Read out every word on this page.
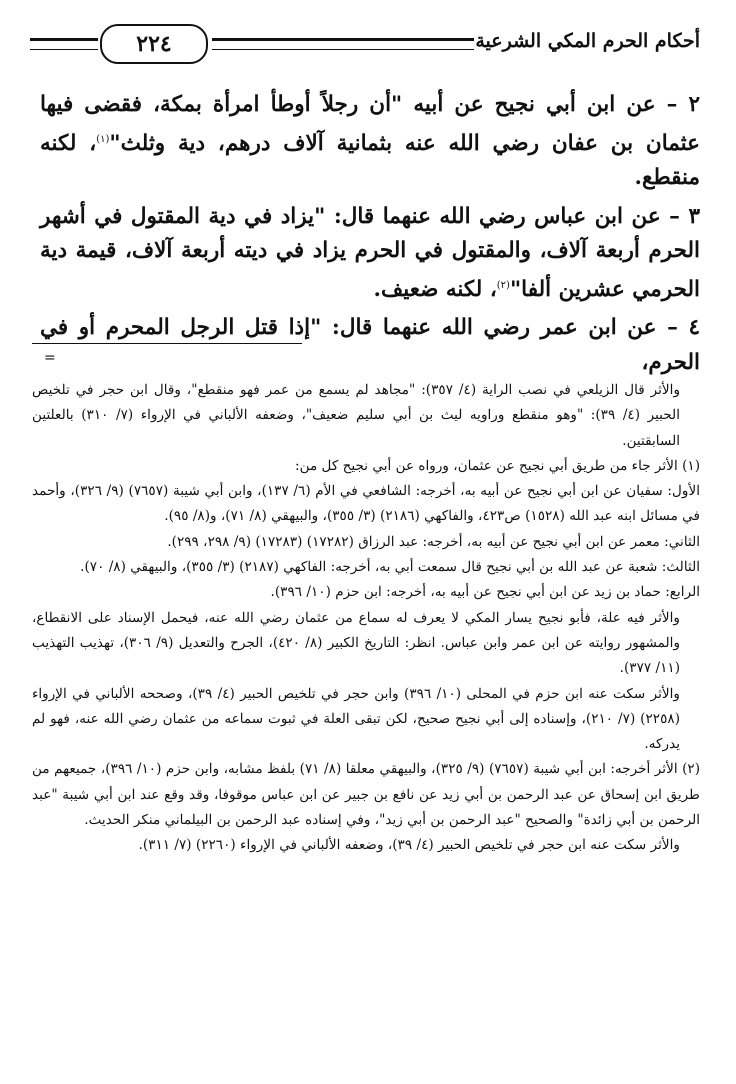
أحكام الحرم المكي الشرعية
٢٢٤

٢ – عن ابن أبي نجيح عن أبيه "أن رجلاً أوطأ امرأة بمكة، فقضى فيها عثمان بن عفان رضي الله عنه بثمانية آلاف درهم، دية وثلث"$^{(١)}$، لكنه منقطع.

٣ – عن ابن عباس رضي الله عنهما قال: "يزاد في دية المقتول في أشهر الحرم أربعة آلاف، والمقتول في الحرم يزاد في ديته أربعة آلاف، قيمة دية الحرمي عشرين ألفا"$^{(٢)}$، لكنه ضعيف.

٤ – عن ابن عمر رضي الله عنهما قال: "إذا قتل الرجل المحرم أو في الحرم،

=

والأثر قال الزيلعي في نصب الراية (٤/ ٣٥٧): "مجاهد لم يسمع من عمر فهو منقطع"، وقال ابن حجر في تلخيص الحبير (٤/ ٣٩): "وهو منقطع وراويه ليث بن أبي سليم ضعيف"، وضعفه الألباني في الإرواء (٧/ ٣١٠) بالعلتين السابقتين.

(١) الأثر جاء من طريق أبي نجيح عن عثمان، ورواه عن أبي نجيح كل من:

الأول: سفيان عن ابن أبي نجيح عن أبيه به، أخرجه: الشافعي في الأم (٦/ ١٣٧)، وابن أبي شيبة (٧٦٥٧) (٩/ ٣٢٦)، وأحمد في مسائل ابنه عبد الله (١٥٢٨) ص٤٢٣، والفاكهي (٢١٨٦) (٣/ ٣٥٥)، والبيهقي (٨/ ٧١)، و(٨/ ٩٥).

الثاني: معمر عن ابن أبي نجيح عن أبيه به، أخرجه: عبد الرزاق (١٧٢٨٢) (١٧٢٨٣) (٩/ ٢٩٨، ٢٩٩).

الثالث: شعبة عن عبد الله بن أبي نجيح قال سمعت أبي به، أخرجه: الفاكهي (٢١٨٧) (٣/ ٣٥٥)، والبيهقي (٨/ ٧٠).

الرابع: حماد بن زيد عن ابن أبي نجيح عن أبيه به، أخرجه: ابن حزم (١٠/ ٣٩٦).

والأثر فيه علة، فأبو نجيح يسار المكي لا يعرف له سماع من عثمان رضي الله عنه، فيحمل الإسناد على الانقطاع، والمشهور روايته عن ابن عمر وابن عباس. انظر: التاريخ الكبير (٨/ ٤٢٠)، الجرح والتعديل (٩/ ٣٠٦)، تهذيب التهذيب (١١/ ٣٧٧).

والأثر سكت عنه ابن حزم في المحلى (١٠/ ٣٩٦) وابن حجر في تلخيص الحبير (٤/ ٣٩)، وصححه الألباني في الإرواء (٢٢٥٨) (٧/ ٢١٠)، وإسناده إلى أبي نجيح صحيح، لكن تبقى العلة في ثبوت سماعه من عثمان رضي الله عنه، فهو لم يدركه.

(٢) الأثر أخرجه: ابن أبي شيبة (٧٦٥٧) (٩/ ٣٢٥)، والبيهقي معلقا (٨/ ٧١) بلفظ مشابه، وابن حزم (١٠/ ٣٩٦)، جميعهم من طريق ابن إسحاق عن عبد الرحمن بن أبي زيد عن نافع بن جبير عن ابن عباس موقوفا، وقد وقع عند ابن أبي شيبة "عبد الرحمن بن أبي زائدة" والصحيح "عبد الرحمن بن أبي زيد"، وفي إسناده عبد الرحمن بن البيلماني منكر الحديث.

والأثر سكت عنه ابن حجر في تلخيص الحبير (٤/ ٣٩)، وضعفه الألباني في الإرواء (٢٢٦٠) (٧/ ٣١١).
